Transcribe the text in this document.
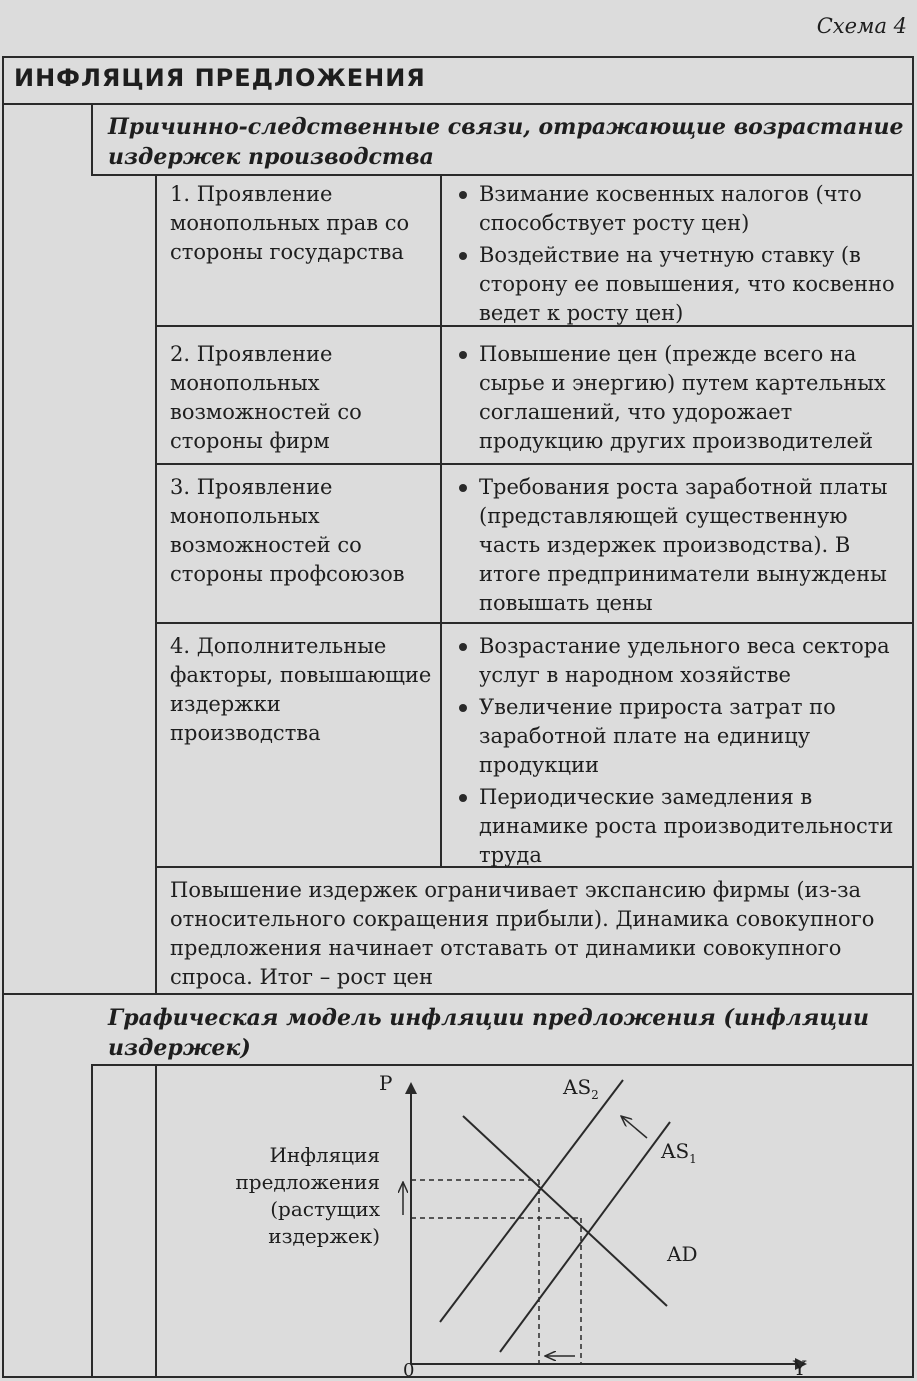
Схема 4
ИНФЛЯЦИЯ ПРЕДЛОЖЕНИЯ
Причинно-следственные связи, отражающие возрастание издержек производства
1. Проявление монопольных прав со стороны государства
Взимание косвенных налогов (что способствует росту цен)
Воздействие на учетную ставку (в сторону ее повышения, что косвенно ведет к росту цен)
2. Проявление монопольных возможностей со стороны фирм
Повышение цен (прежде всего на сырье и энергию) путем картельных соглашений, что удорожает продукцию других производителей
3. Проявление монопольных возможностей со стороны профсоюзов
Требования роста заработной платы (представляющей существенную часть издержек производства). В итоге предприниматели вынуждены повышать цены
4. Дополнительные факторы, повышающие издержки производства
Возрастание удельного веса сектора услуг в народном хозяйстве
Увеличение прироста затрат по заработной плате на единицу продукции
Периодические замедления в динамике роста производительности труда
Повышение издержек ограничивает экспансию фирмы (из-за относительного сокращения прибыли). Динамика совокупного предложения начинает отставать от динамики совокупного спроса. Итог – рост цен
Графическая модель инфляции предложения (инфляции издержек)
Инфляция предложения (растущих издержек)
P
Y
0
$AS_2$
$AS_1$
AD
